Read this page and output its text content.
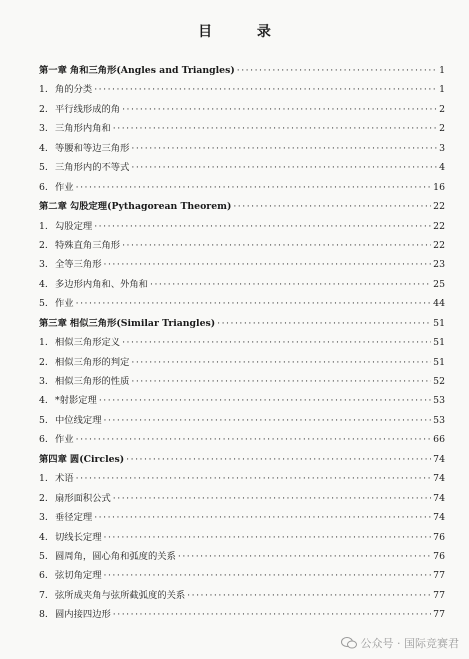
目 录
第一章 角和三角形(Angles and Triangles) ·····	1
1. 角的分类 ·····	1
2. 平行线形成的角 ·····	2
3. 三角形内角和 ·····	2
4. 等腰和等边三角形 ·····	3
5. 三角形内的不等式 ·····	4
6. 作业 ·····	16
第二章 勾股定理(Pythagorean Theorem) ·····	22
1. 勾股定理 ·····	22
2. 特殊直角三角形 ·····	22
3. 全等三角形 ·····	23
4. 多边形内角和、外角和 ·····	25
5. 作业 ·····	44
第三章 相似三角形(Similar Triangles) ·····	51
1. 相似三角形定义 ·····	51
2. 相似三角形的判定 ·····	51
3. 相似三角形的性质 ·····	52
4. *射影定理 ·····	53
5. 中位线定理 ·····	53
6. 作业 ·····	66
第四章 圆(Circles) ·····	74
1. 术语 ·····	74
2. 扇形面积公式 ·····	74
3. 垂径定理 ·····	74
4. 切线长定理 ·····	76
5. 圆周角，圆心角和弧度的关系 ·····	76
6. 弦切角定理 ·····	77
7. 弦所成夹角与弦所截弧度的关系 ·····	77
8. 圆内接四边形 ·····	77
公众号 · 国际竞赛君
